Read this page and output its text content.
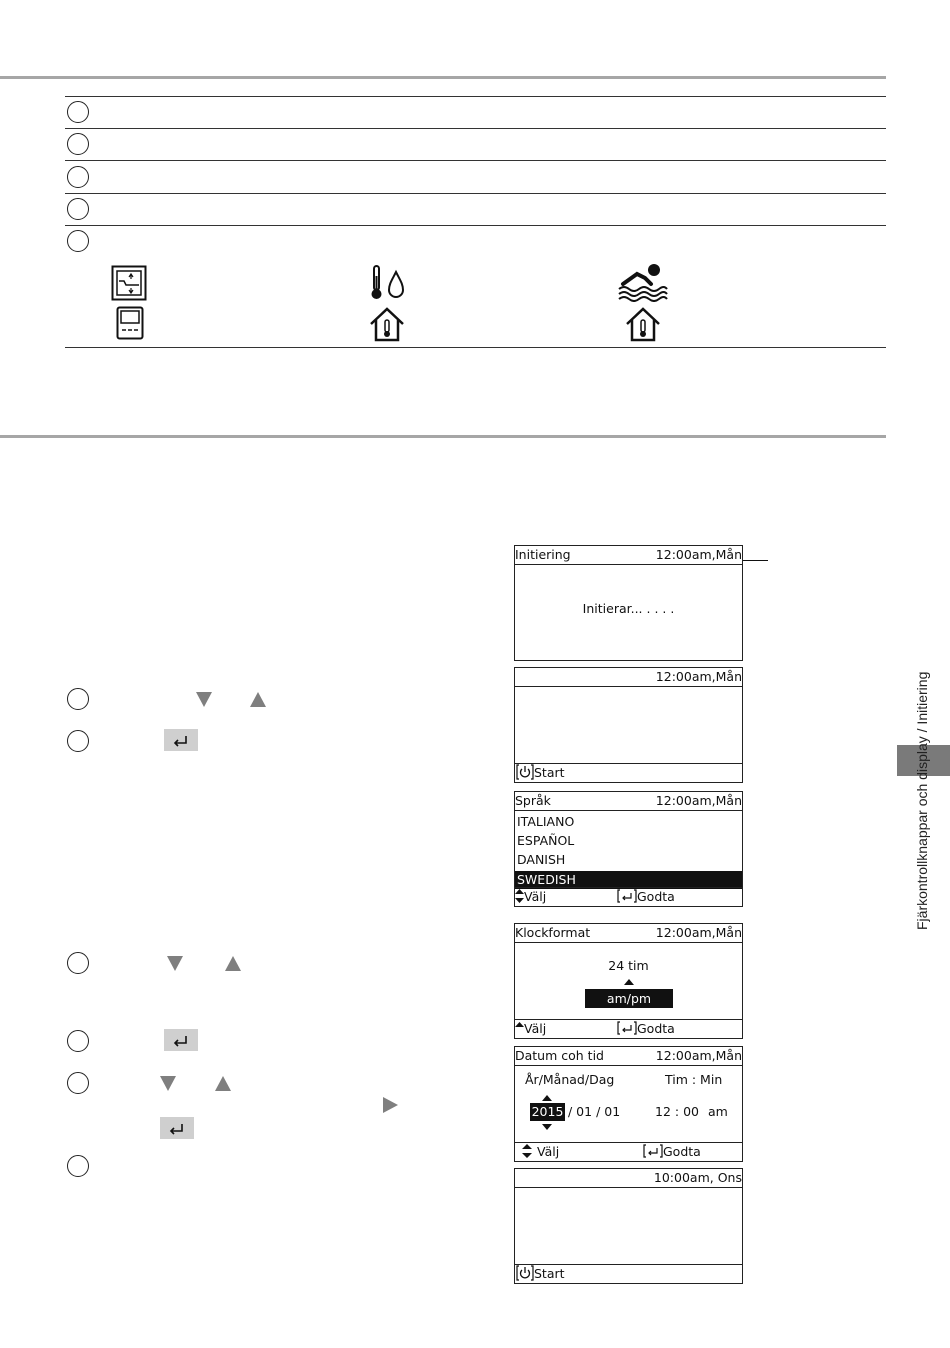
Initiering	12:00am,Mån
Initierar... . . . .
12:00am,Mån
Start
Språk	12:00am,Mån
ITALIANO
ESPAÑOL
DANISH
SWEDISH
Välj	Godta
Klockformat	12:00am,Mån
24 tim
am/pm
Välj	Godta
Datum coh tid	12:00am,Mån
År/Månad/Dag	Tim : Min
2015 / 01 / 01	12 : 00 am
Välj	Godta
10:00am, Ons
Start
Fjärkontrollknappar och display / Initiering
